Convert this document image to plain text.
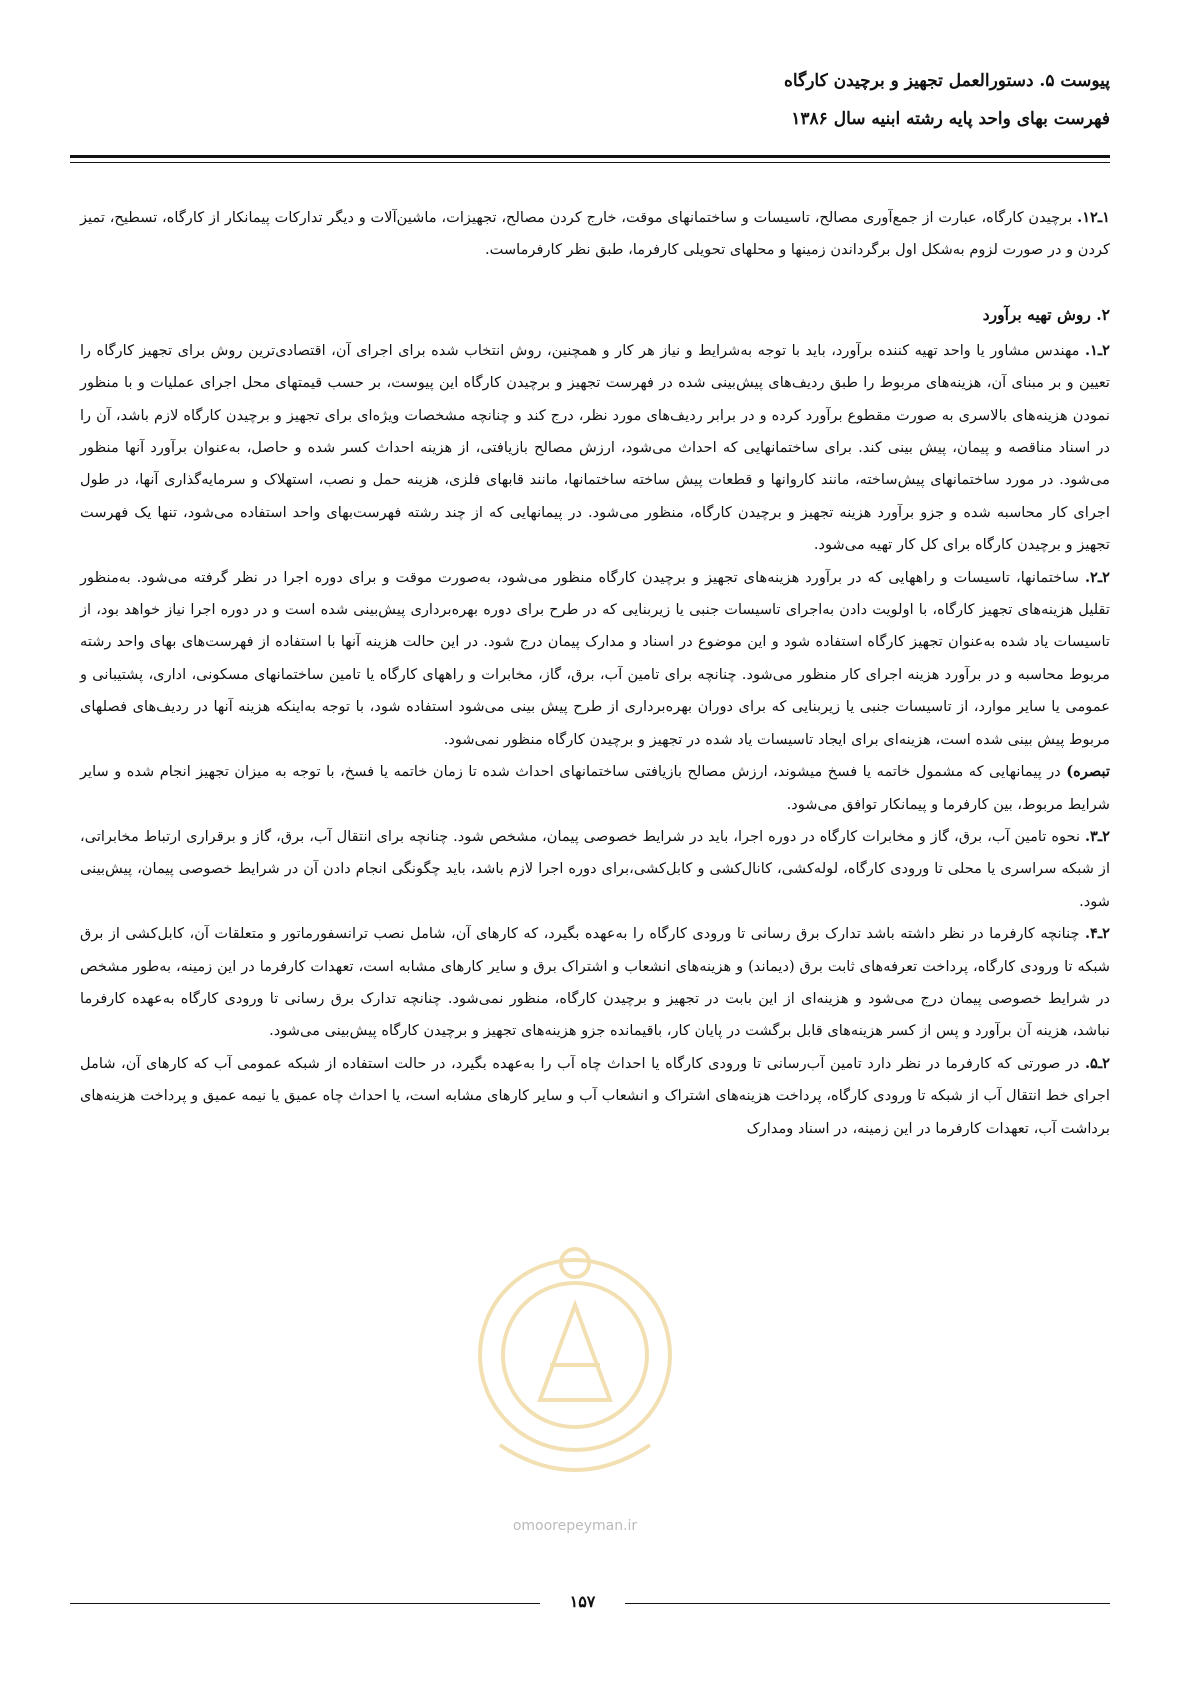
پیوست ۵. دستورالعمل تجهیز و برچیدن کارگاه
فهرست بهای واحد پایه رشته ابنیه سال ۱۳۸۶

۱ـ۱۲. برچیدن کارگاه، عبارت از جمع‌آوری مصالح، تاسیسات و ساختمانهای موقت، خارج کردن مصالح، تجهیزات، ماشین‌آلات و دیگر تدارکات پیمانکار از کارگاه، تسطیح، تمیز کردن و در صورت لزوم به‌شکل اول برگرداندن زمینها و محلهای تحویلی کارفرما، طبق نظر کارفرماست.

۲. روش تهیه برآورد

۲ـ۱. مهندس مشاور یا واحد تهیه کننده برآورد، باید با توجه به‌شرایط و نیاز هر کار و همچنین، روش انتخاب شده برای اجرای آن، اقتصادی‌ترین روش برای تجهیز کارگاه را تعیین و بر مبنای آن، هزینه‌های مربوط را طبق ردیف‌های پیش‌بینی شده در فهرست تجهیز و برچیدن کارگاه این پیوست، بر حسب قیمتهای محل اجرای عملیات و با منظور نمودن هزینه‌های بالاسری به صورت مقطوع برآورد کرده و در برابر ردیف‌های مورد نظر، درج کند و چنانچه مشخصات ویژه‌ای برای تجهیز و برچیدن کارگاه لازم باشد، آن را در اسناد مناقصه و پیمان، پیش بینی کند. برای ساختمانهایی که احداث می‌شود، ارزش مصالح بازیافتی، از هزینه احداث کسر شده و حاصل، به‌عنوان برآورد آنها منظور می‌شود. در مورد ساختمانهای پیش‌ساخته، مانند کاروانها و قطعات پیش ساخته ساختمانها، مانند قابهای فلزی، هزینه حمل و نصب، استهلاک و سرمایه‌گذاری آنها، در طول اجرای کار محاسبه شده و جزو برآورد هزینه تجهیز و برچیدن کارگاه، منظور می‌شود. در پیمانهایی که از چند رشته فهرست‌بهای واحد استفاده می‌شود، تنها یک فهرست تجهیز و برچیدن کارگاه برای کل کار تهیه می‌شود.

۲ـ۲. ساختمانها، تاسیسات و راههایی که در برآورد هزینه‌های تجهیز و برچیدن کارگاه منظور می‌شود، به‌صورت موقت و برای دوره اجرا در نظر گرفته می‌شود. به‌منظور تقلیل هزینه‌های تجهیز کارگاه، با اولویت دادن به‌اجرای تاسیسات جنبی یا زیربنایی که در طرح برای دوره بهره‌برداری پیش‌بینی شده است و در دوره اجرا نیاز خواهد بود، از تاسیسات یاد شده به‌عنوان تجهیز کارگاه استفاده شود و این موضوع در اسناد و مدارک پیمان درج شود. در این حالت هزینه آنها با استفاده از فهرست‌های بهای واحد رشته مربوط محاسبه و در برآورد هزینه اجرای کار منظور می‌شود. چنانچه برای تامین آب، برق، گاز، مخابرات و راههای کارگاه یا تامین ساختمانهای مسکونی، اداری، پشتیبانی و عمومی یا سایر موارد، از تاسیسات جنبی یا زیربنایی که برای دوران بهره‌برداری از طرح پیش بینی می‌شود استفاده شود، با توجه به‌اینکه هزینه آنها در ردیف‌های فصلهای مربوط پیش بینی شده است، هزینه‌ای برای ایجاد تاسیسات یاد شده در تجهیز و برچیدن کارگاه منظور نمی‌شود.

تبصره) در پیمانهایی که مشمول خاتمه یا فسخ میشوند، ارزش مصالح بازیافتی ساختمانهای احداث شده تا زمان خاتمه یا فسخ، با توجه به میزان تجهیز انجام شده و سایر شرایط مربوط، بین کارفرما و پیمانکار توافق می‌شود.

۲ـ۳. نحوه تامین آب، برق، گاز و مخابرات کارگاه در دوره اجرا، باید در شرایط خصوصی پیمان، مشخص شود. چنانچه برای انتقال آب، برق، گاز و برقراری ارتباط مخابراتی، از شبکه سراسری یا محلی تا ورودی کارگاه، لوله‌کشی، کانال‌کشی و کابل‌کشی،برای دوره اجرا لازم باشد، باید چگونگی انجام دادن آن در شرایط خصوصی پیمان، پیش‌بینی شود.

۲ـ۴. چنانچه کارفرما در نظر داشته باشد تدارک برق رسانی تا ورودی کارگاه را به‌عهده بگیرد، که کارهای آن، شامل نصب ترانسفورماتور و متعلقات آن، کابل‌کشی از برق شبکه تا ورودی کارگاه، پرداخت تعرفه‌های ثابت برق (دیماند) و هزینه‌های انشعاب و اشتراک برق و سایر کارهای مشابه است، تعهدات کارفرما در این زمینه، به‌طور مشخص در شرایط خصوصی پیمان درج می‌شود و هزینه‌ای از این بابت در تجهیز و برچیدن کارگاه، منظور نمی‌شود. چنانچه تدارک برق رسانی تا ورودی کارگاه به‌عهده کارفرما نباشد، هزینه آن برآورد و پس از کسر هزینه‌های قابل برگشت در پایان کار، باقیمانده جزو هزینه‌های تجهیز و برچیدن کارگاه پیش‌بینی می‌شود.

۲ـ۵. در صورتی که کارفرما در نظر دارد تامین آب‌رسانی تا ورودی کارگاه یا احداث چاه آب را به‌عهده بگیرد، در حالت استفاده از شبکه عمومی آب که کارهای آن، شامل اجرای خط انتقال آب از شبکه تا ورودی کارگاه، پرداخت هزینه‌های اشتراک و انشعاب آب و سایر کارهای مشابه است، یا احداث چاه عمیق یا نیمه عمیق و پرداخت هزینه‌های برداشت آب، تعهدات کارفرما در این زمینه، در اسناد ومدارک

omoorepeyman.ir
۱۵۷
